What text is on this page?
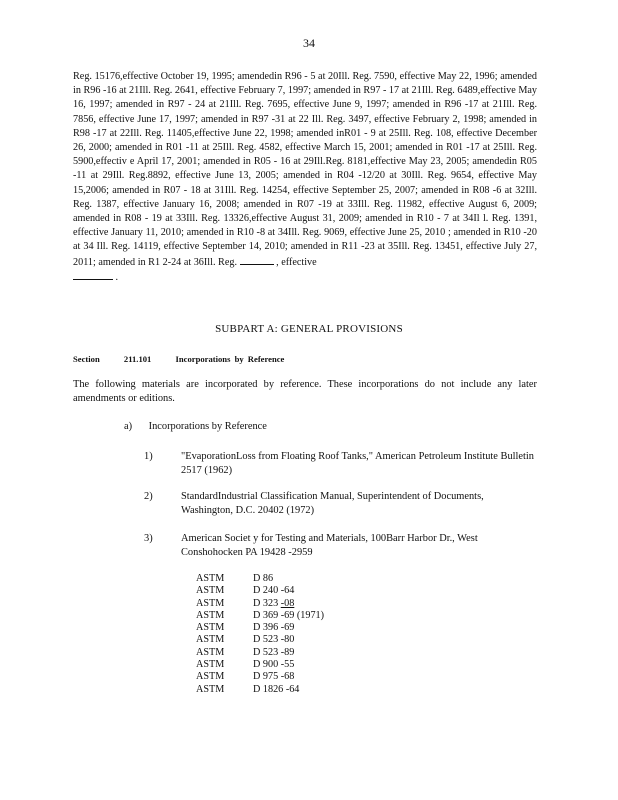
34

Reg. 15176,effective October 19, 1995; amendedin R96 - 5 at 20Ill. Reg. 7590, effective May 22, 1996; amended in R96 -16 at 21Ill. Reg. 2641, effective February 7, 1997; amended in R97 - 17 at 21Ill. Reg. 6489,effective May 16, 1997; amended in R97 - 24 at 21Ill. Reg. 7695, effective June 9, 1997; amended in R96 -17 at 21Ill. Reg. 7856, effective June 17, 1997; amended in R97 -31 at 22 Ill. Reg. 3497, effective February 2, 1998; amended in R98 -17 at 22Ill. Reg. 11405,effective June 22, 1998; amended inR01 - 9 at 25Ill. Reg. 108, effective December 26, 2000; amended in R01 -11 at 25Ill. Reg. 4582, effective March 15, 2001; amended in R01 -17 at 25Ill. Reg. 5900,effectiv e April 17, 2001; amended in R05 - 16 at 29Ill.Reg. 8181,effective May 23, 2005; amendedin R05 -11 at 29Ill. Reg.8892, effective June 13, 2005; amended in R04 -12/20 at 30Ill. Reg. 9654, effective May 15,2006; amended in R07 - 18 at 31Ill. Reg. 14254, effective September 25, 2007; amended in R08 -6 at 32Ill. Reg. 1387, effective January 16, 2008; amended in R07 -19 at 33Ill. Reg. 11982, effective August 6, 2009; amended in R08 - 19 at 33Ill. Reg. 13326,effective August 31, 2009; amended in R10 - 7 at 34Il l. Reg. 1391, effective January 11, 2010; amended in R10 -8 at 34Ill. Reg. 9069, effective June 25, 2010 ; amended in R10 -20 at 34 Ill. Reg. 14119, effective September 14, 2010; amended in R11 -23 at 35Ill. Reg. 13451, effective July 27, 2011; amended in R1 2-24 at 36Ill. Reg.	, effective
.

SUBPART A: GENERAL PROVISIONS
Section	211.101	Incorporations by Reference
The following materials are incorporated by reference. These incorporations do not include any later amendments or editions.
a) Incorporations by Reference
1)	"EvaporationLoss from Floating Roof Tanks," American Petroleum Institute Bulletin 2517 (1962)
2)	StandardIndustrial Classification Manual, Superintendent of Documents, Washington, D.C. 20402 (1972)
3)	American Societ y for Testing and Materials, 100Barr Harbor Dr., West Conshohocken PA 19428 -2959
ASTM	D 86
ASTM	D 240 -64
ASTM	D 323 -08
ASTM	D 369 -69 (1971)
ASTM	D 396 -69
ASTM	D 523 -80
ASTM	D 523 -89
ASTM	D 900 -55
ASTM	D 975 -68
ASTM	D 1826 -64
